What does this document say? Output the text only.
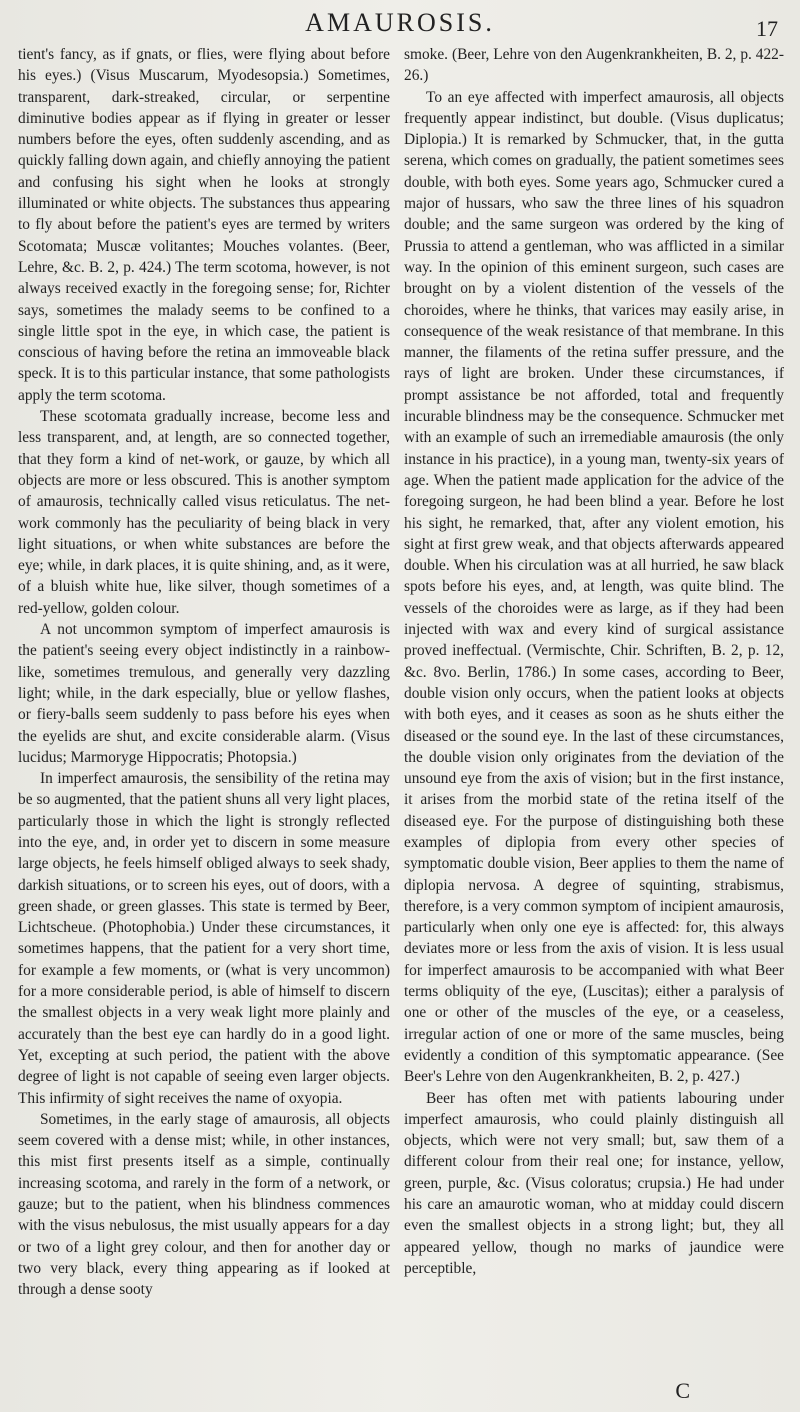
AMAUROSIS.	17

tient's fancy, as if gnats, or flies, were flying about before his eyes.) (Visus Muscarum, Myodesopsia.) Sometimes, transparent, dark-streaked, circular, or serpentine diminutive bodies appear as if flying in greater or lesser numbers before the eyes, often suddenly ascending, and as quickly falling down again, and chiefly annoying the patient and confusing his sight when he looks at strongly illuminated or white objects. The substances thus appearing to fly about before the patient's eyes are termed by writers Scotomata; Muscæ volitantes; Mouches volantes. (Beer, Lehre, &c. B. 2, p. 424.) The term scotoma, however, is not always received exactly in the foregoing sense; for, Richter says, sometimes the malady seems to be confined to a single little spot in the eye, in which case, the patient is conscious of having before the retina an immoveable black speck. It is to this particular instance, that some pathologists apply the term scotoma.

These scotomata gradually increase, become less and less transparent, and, at length, are so connected together, that they form a kind of net-work, or gauze, by which all objects are more or less obscured. This is another symptom of amaurosis, technically called visus reticulatus. The net-work commonly has the peculiarity of being black in very light situations, or when white substances are before the eye; while, in dark places, it is quite shining, and, as it were, of a bluish white hue, like silver, though sometimes of a red-yellow, golden colour.

A not uncommon symptom of imperfect amaurosis is the patient's seeing every object indistinctly in a rainbow-like, sometimes tremulous, and generally very dazzling light; while, in the dark especially, blue or yellow flashes, or fiery-balls seem suddenly to pass before his eyes when the eyelids are shut, and excite considerable alarm. (Visus lucidus; Marmoryge Hippocratis; Photopsia.)

In imperfect amaurosis, the sensibility of the retina may be so augmented, that the patient shuns all very light places, particularly those in which the light is strongly reflected into the eye, and, in order yet to discern in some measure large objects, he feels himself obliged always to seek shady, darkish situations, or to screen his eyes, out of doors, with a green shade, or green glasses. This state is termed by Beer, Lichtscheue. (Photophobia.) Under these circumstances, it sometimes happens, that the patient for a very short time, for example a few moments, or (what is very uncommon) for a more considerable period, is able of himself to discern the smallest objects in a very weak light more plainly and accurately than the best eye can hardly do in a good light. Yet, excepting at such period, the patient with the above degree of light is not capable of seeing even larger objects. This infirmity of sight receives the name of oxyopia.

Sometimes, in the early stage of amaurosis, all objects seem covered with a dense mist; while, in other instances, this mist first presents itself as a simple, continually increasing scotoma, and rarely in the form of a network, or gauze; but to the patient, when his blindness commences with the visus nebulosus, the mist usually appears for a day or two of a light grey colour, and then for another day or two very black, every thing appearing as if looked at through a dense sooty

smoke. (Beer, Lehre von den Augenkrankheiten, B. 2, p. 422-26.)

To an eye affected with imperfect amaurosis, all objects frequently appear indistinct, but double. (Visus duplicatus; Diplopia.) It is remarked by Schmucker, that, in the gutta serena, which comes on gradually, the patient sometimes sees double, with both eyes. Some years ago, Schmucker cured a major of hussars, who saw the three lines of his squadron double; and the same surgeon was ordered by the king of Prussia to attend a gentleman, who was afflicted in a similar way. In the opinion of this eminent surgeon, such cases are brought on by a violent distention of the vessels of the choroides, where he thinks, that varices may easily arise, in consequence of the weak resistance of that membrane. In this manner, the filaments of the retina suffer pressure, and the rays of light are broken. Under these circumstances, if prompt assistance be not afforded, total and frequently incurable blindness may be the consequence. Schmucker met with an example of such an irremediable amaurosis (the only instance in his practice), in a young man, twenty-six years of age. When the patient made application for the advice of the foregoing surgeon, he had been blind a year. Before he lost his sight, he remarked, that, after any violent emotion, his sight at first grew weak, and that objects afterwards appeared double. When his circulation was at all hurried, he saw black spots before his eyes, and, at length, was quite blind. The vessels of the choroides were as large, as if they had been injected with wax and every kind of surgical assistance proved ineffectual. (Vermischte, Chir. Schriften, B. 2, p. 12, &c. 8vo. Berlin, 1786.) In some cases, according to Beer, double vision only occurs, when the patient looks at objects with both eyes, and it ceases as soon as he shuts either the diseased or the sound eye. In the last of these circumstances, the double vision only originates from the deviation of the unsound eye from the axis of vision; but in the first instance, it arises from the morbid state of the retina itself of the diseased eye. For the purpose of distinguishing both these examples of diplopia from every other species of symptomatic double vision, Beer applies to them the name of diplopia nervosa. A degree of squinting, strabismus, therefore, is a very common symptom of incipient amaurosis, particularly when only one eye is affected: for, this always deviates more or less from the axis of vision. It is less usual for imperfect amaurosis to be accompanied with what Beer terms obliquity of the eye, (Luscitas); either a paralysis of one or other of the muscles of the eye, or a ceaseless, irregular action of one or more of the same muscles, being evidently a condition of this symptomatic appearance. (See Beer's Lehre von den Augenkrankheiten, B. 2, p. 427.)

Beer has often met with patients labouring under imperfect amaurosis, who could plainly distinguish all objects, which were not very small; but, saw them of a different colour from their real one; for instance, yellow, green, purple, &c. (Visus coloratus; crupsia.) He had under his care an amaurotic woman, who at midday could discern even the smallest objects in a strong light; but, they all appeared yellow, though no marks of jaundice were perceptible,

C
